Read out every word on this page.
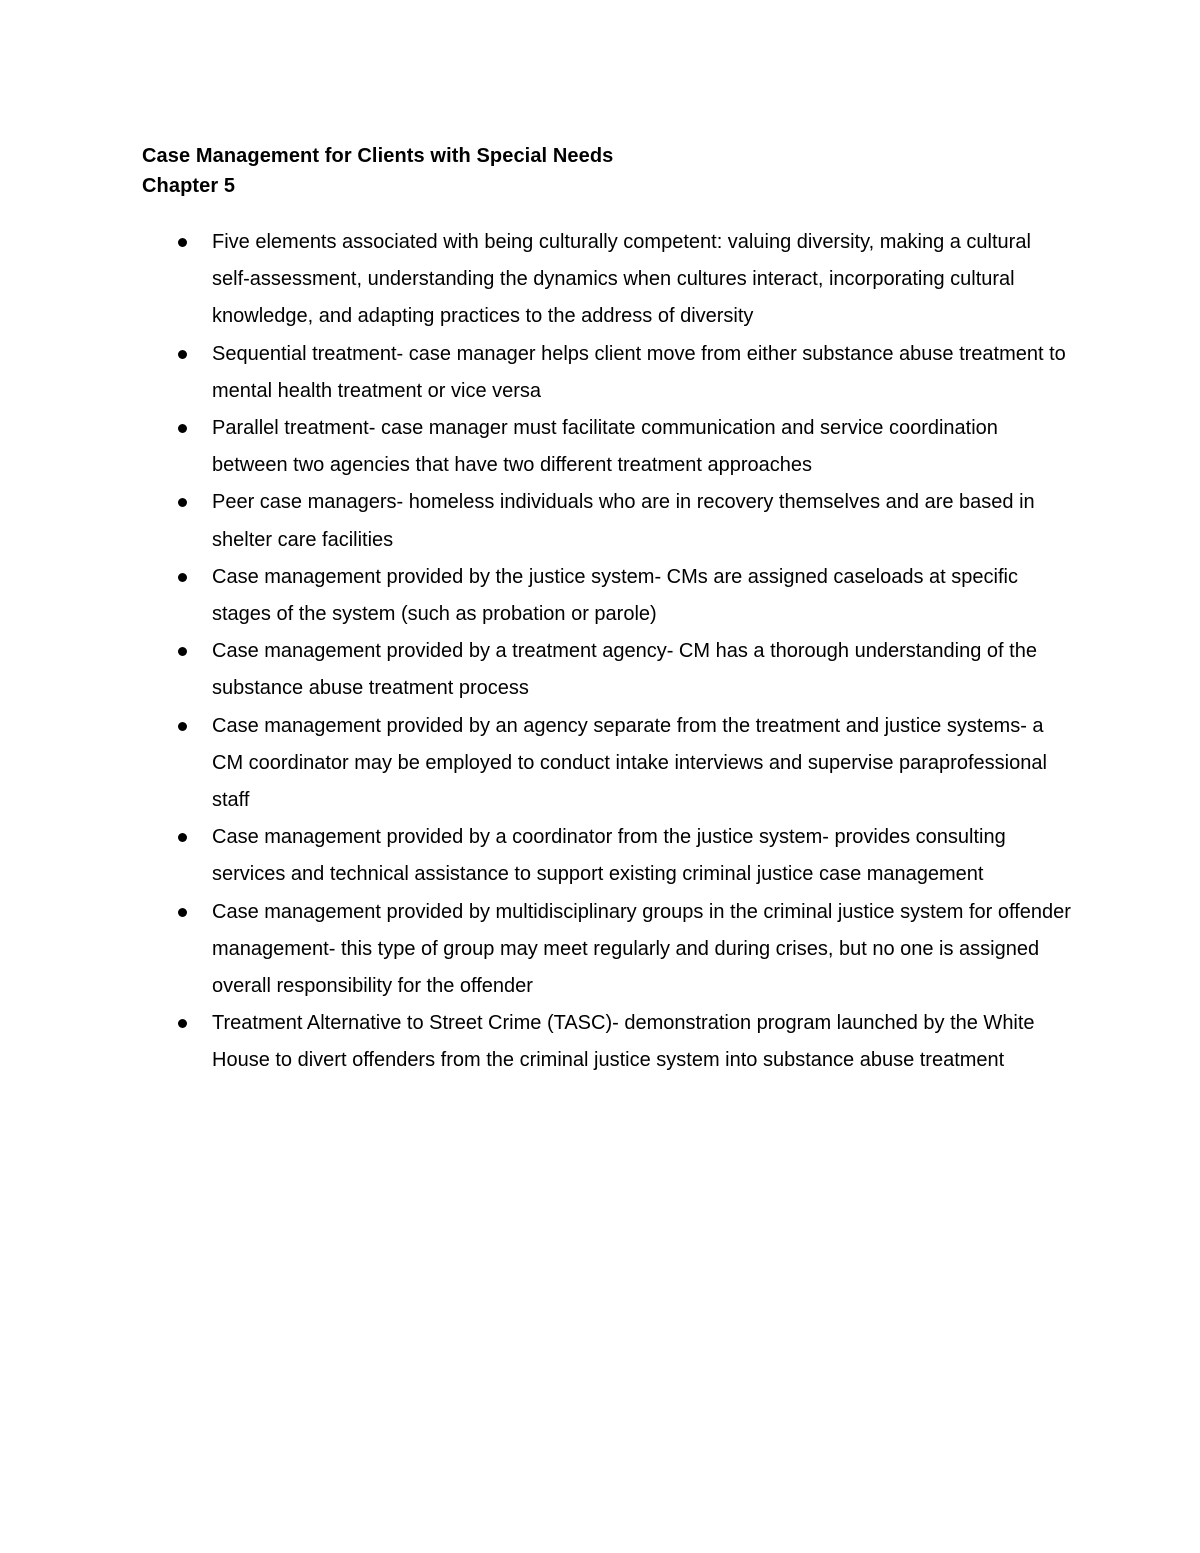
Case Management for Clients with Special Needs
Chapter 5
Five elements associated with being culturally competent: valuing diversity, making a cultural self-assessment, understanding the dynamics when cultures interact, incorporating cultural knowledge, and adapting practices to the address of diversity
Sequential treatment- case manager helps client move from either substance abuse treatment to mental health treatment or vice versa
Parallel treatment- case manager must facilitate communication and service coordination between two agencies that have two different treatment approaches
Peer case managers- homeless individuals who are in recovery themselves and are based in shelter care facilities
Case management provided by the justice system- CMs are assigned caseloads at specific stages of the system (such as probation or parole)
Case management provided by a treatment agency- CM has a thorough understanding of the substance abuse treatment process
Case management provided by an agency separate from the treatment and justice systems- a CM coordinator may be employed to conduct intake interviews and supervise paraprofessional staff
Case management provided by a coordinator from the justice system- provides consulting services and technical assistance to support existing criminal justice case management
Case management provided by multidisciplinary groups in the criminal justice system for offender management- this type of group may meet regularly and during crises, but no one is assigned overall responsibility for the offender
Treatment Alternative to Street Crime (TASC)- demonstration program launched by the White House to divert offenders from the criminal justice system into substance abuse treatment
